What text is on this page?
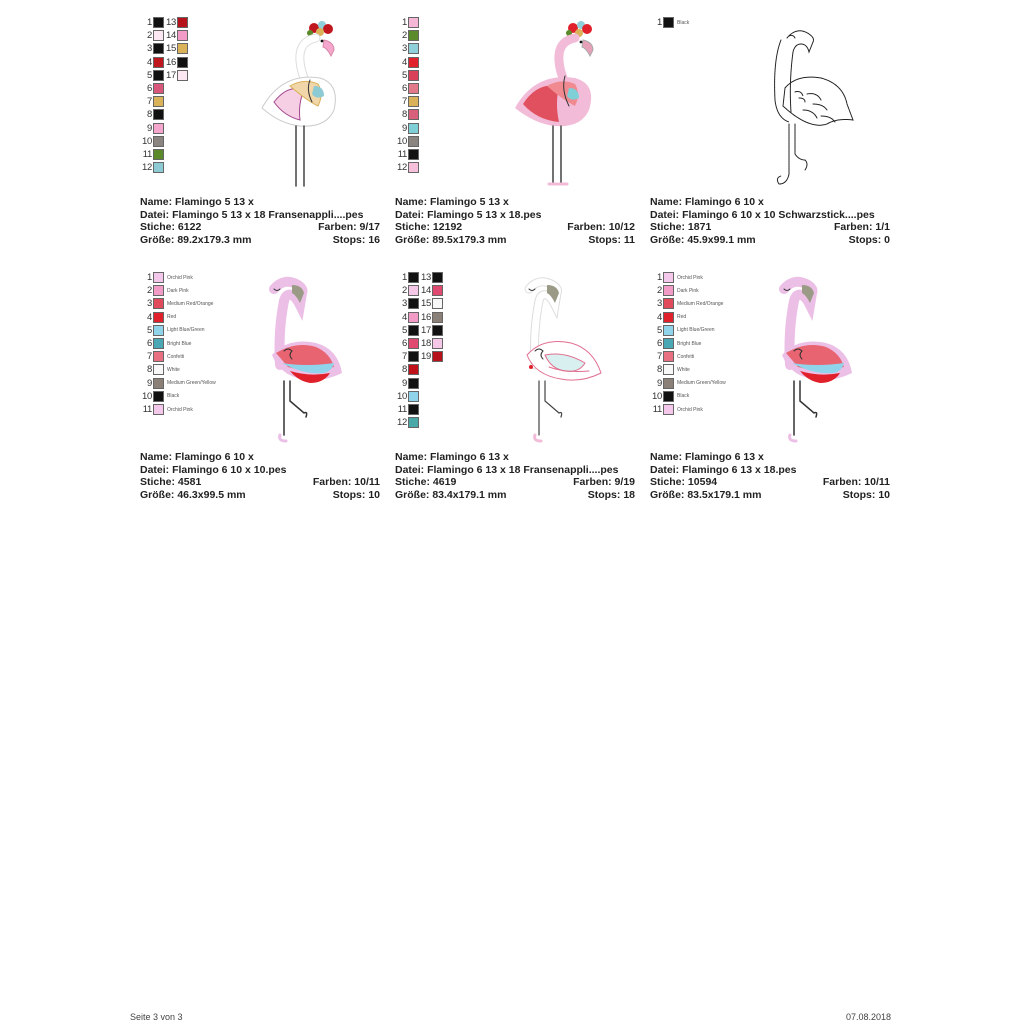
1
2
3
4
5
6
7
8
9
10
11
12
13
14
15
16
17
Name: Flamingo 5 13 x
Datei: Flamingo 5 13 x 18 Fransenappli....pes
Stiche: 6122	Farben: 9/17
Größe: 89.2x179.3 mm	Stops: 16
1
2
3
4
5
6
7
8
9
10
11
12
Name: Flamingo 5 13 x
Datei: Flamingo 5 13 x 18.pes
Stiche: 12192	Farben: 10/12
Größe: 89.5x179.3 mm	Stops: 11
1	Black
Name: Flamingo 6 10 x
Datei: Flamingo 6 10 x 10 Schwarzstick....pes
Stiche: 1871	Farben: 1/1
Größe: 45.9x99.1 mm	Stops: 0
1	Orchid Pink
2	Dark Pink
3	Medium Red/Orange
4	Red
5	Light Blue/Green
6	Bright Blue
7	Confetti
8	White
9	Medium Green/Yellow
10	Black
11	Orchid Pink
Name: Flamingo 6 10 x
Datei: Flamingo 6 10 x 10.pes
Stiche: 4581	Farben: 10/11
Größe: 46.3x99.5 mm	Stops: 10
1
2
3
4
5
6
7
8
9
10
11
12
13
14
15
16
17
18
19
Name: Flamingo 6 13 x
Datei: Flamingo 6 13 x 18 Fransenappli....pes
Stiche: 4619	Farben: 9/19
Größe: 83.4x179.1 mm	Stops: 18
1	Orchid Pink
2	Dark Pink
3	Medium Red/Orange
4	Red
5	Light Blue/Green
6	Bright Blue
7	Confetti
8	White
9	Medium Green/Yellow
10	Black
11	Orchid Pink
Name: Flamingo 6 13 x
Datei: Flamingo 6 13 x 18.pes
Stiche: 10594	Farben: 10/11
Größe: 83.5x179.1 mm	Stops: 10
Seite 3 von 3	07.08.2018
